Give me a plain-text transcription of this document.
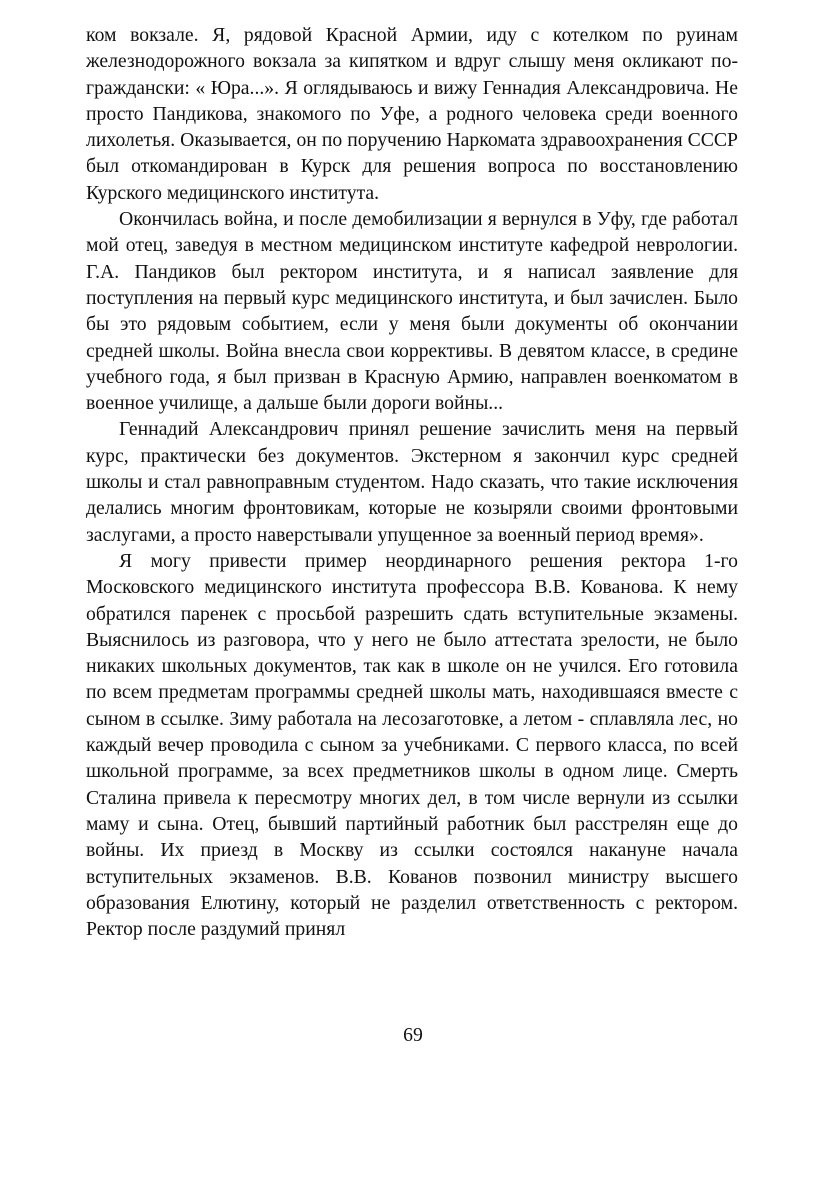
ком вокзале. Я, рядовой Красной Армии, иду с котелком по руинам железнодорожного вокзала за кипятком и вдруг слышу меня окликают по-граждански: « Юра...». Я оглядываюсь и вижу Геннадия Александровича. Не просто Пандикова, знакомого по Уфе, а родного человека среди военного лихолетья. Оказывается, он по поручению Наркомата здравоохранения СССР был откомандирован в Курск для решения вопроса по восстановлению Курского медицинского института.

Окончилась война, и после демобилизации я вернулся в Уфу, где работал мой отец, заведуя в местном медицинском институте кафедрой неврологии. Г.А. Пандиков был ректором института, и я написал заявление для поступления на первый курс медицинского института, и был зачислен. Было бы это рядовым событием, если у меня были документы об окончании средней школы. Война внесла свои коррективы. В девятом классе, в средине учебного года, я был призван в Красную Армию, направлен военкоматом в военное училище, а дальше были дороги войны...

Геннадий Александрович принял решение зачислить меня на первый курс, практически без документов. Экстерном я закончил курс средней школы и стал равноправным студентом. Надо сказать, что такие исключения делались многим фронтовикам, которые не козыряли своими фронтовыми заслугами, а просто наверстывали упущенное за военный период время».

Я могу привести пример неординарного решения ректора 1-го Московского медицинского института профессора В.В. Кованова. К нему обратился паренек с просьбой разрешить сдать вступительные экзамены. Выяснилось из разговора, что у него не было аттестата зрелости, не было никаких школьных документов, так как в школе он не учился. Его готовила по всем предметам программы средней школы мать, находившаяся вместе с сыном в ссылке. Зиму работала на лесозаготовке, а летом - сплавляла лес, но каждый вечер проводила с сыном за учебниками. С первого класса, по всей школьной программе, за всех предметников школы в одном лице. Смерть Сталина привела к пересмотру многих дел, в том числе вернули из ссылки маму и сына. Отец, бывший партийный работник был расстрелян еще до войны. Их приезд в Москву из ссылки состоялся накануне начала вступительных экзаменов. В.В. Кованов позвонил министру высшего образования Елютину, который не разделил ответственность с ректором. Ректор после раздумий принял

69
